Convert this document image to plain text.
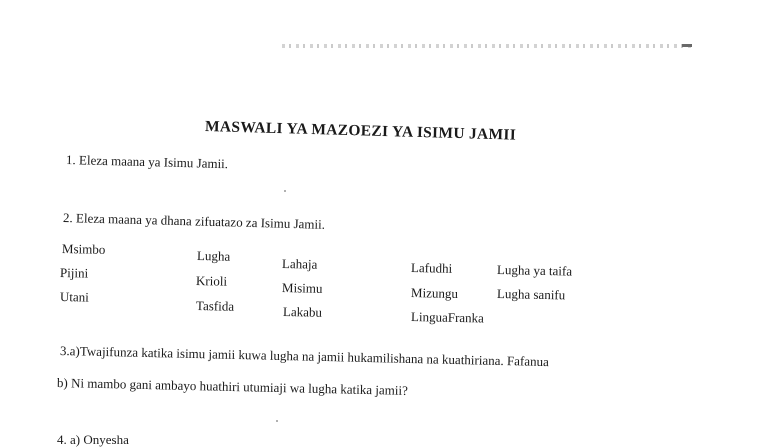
MASWALI YA MAZOEZI YA ISIMU JAMII
1. Eleza maana ya Isimu Jamii.
2. Eleza maana ya dhana zifuatazo za Isimu Jamii.
Msimbo
Pijini
Utani
Lugha
Krioli
Tasfida
Lahaja
Misimu
Lakabu
Lafudhi
Mizungu
LinguaFranka
Lugha ya taifa
Lugha sanifu
3.a)Twajifunza katika isimu jamii kuwa lugha na jamii hukamilishana na kuathiriana. Fafanua
b) Ni mambo gani ambayo huathiri utumiaji wa lugha katika jamii?
4. a) Onyesha
